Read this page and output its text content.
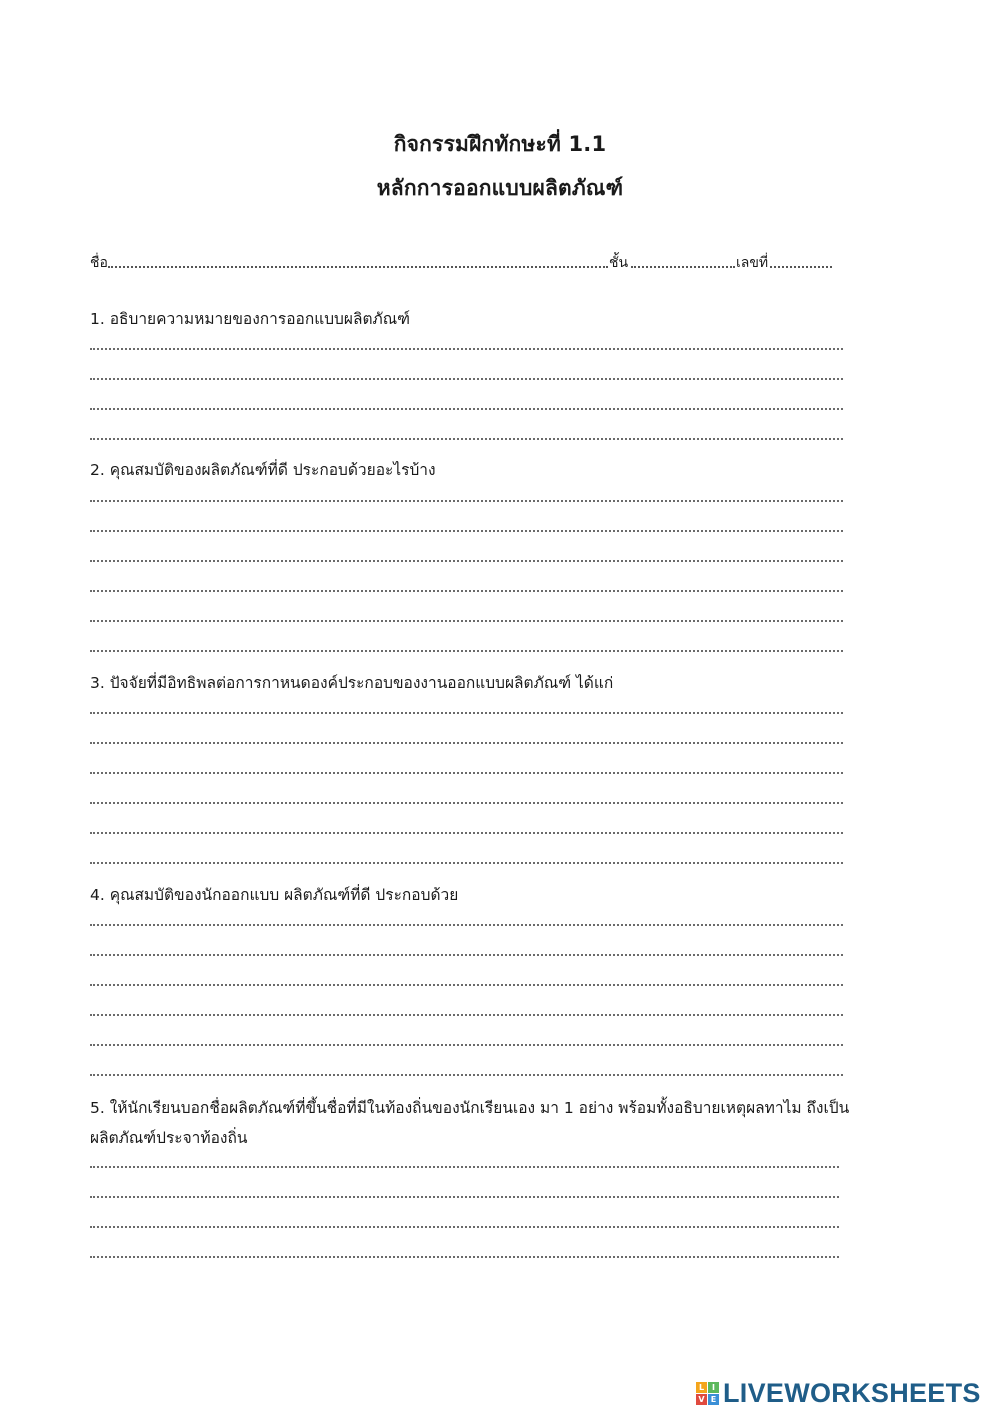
กิจกรรมฝึกทักษะที่ 1.1
หลักการออกแบบผลิตภัณฑ์
ชื่อ	ชั้น	เลขที่
1. อธิบายความหมายของการออกแบบผลิตภัณฑ์
2. คุณสมบัติของผลิตภัณฑ์ที่ดี ประกอบด้วยอะไรบ้าง
3. ปัจจัยที่มีอิทธิพลต่อการกาหนดองค์ประกอบของงานออกแบบผลิตภัณฑ์ ได้แก่
4. คุณสมบัติของนักออกแบบ ผลิตภัณฑ์ที่ดี ประกอบด้วย
5. ให้นักเรียนบอกชื่อผลิตภัณฑ์ที่ขึ้นชื่อที่มีในท้องถิ่นของนักเรียนเอง มา 1 อย่าง พร้อมทั้งอธิบายเหตุผลทาไม ถึงเป็น
ผลิตภัณฑ์ประจาท้องถิ่น
L I
V E LIVEWORKSHEETS
